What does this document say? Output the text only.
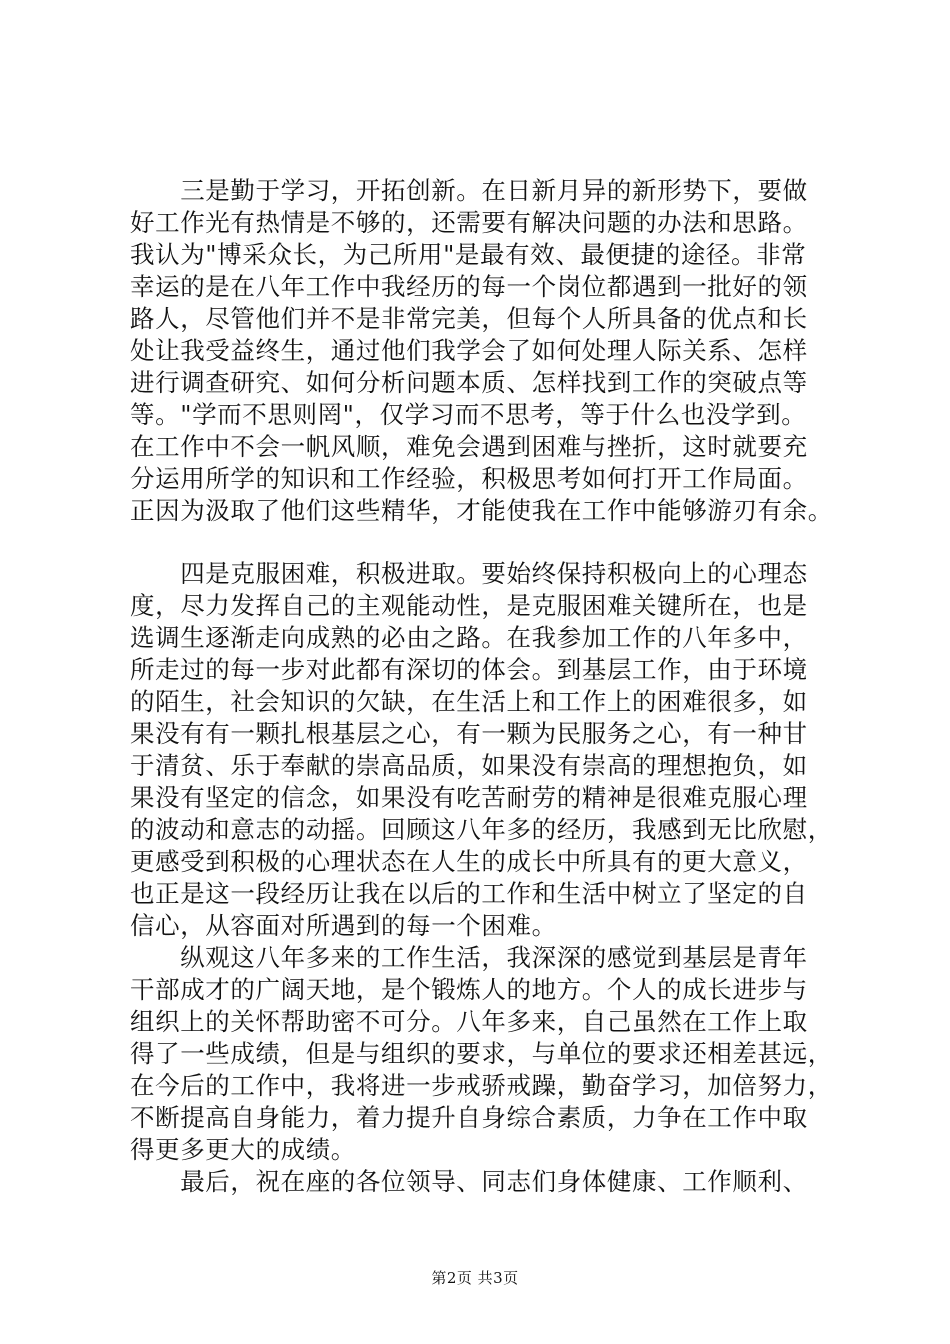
　　三是勤于学习，开拓创新。在日新月异的新形势下，要做
好工作光有热情是不够的，还需要有解决问题的办法和思路。
我认为"博采众长，为己所用"是最有效、最便捷的途径。非常
幸运的是在八年工作中我经历的每一个岗位都遇到一批好的领
路人，尽管他们并不是非常完美，但每个人所具备的优点和长
处让我受益终生，通过他们我学会了如何处理人际关系、怎样
进行调查研究、如何分析问题本质、怎样找到工作的突破点等
等。"学而不思则罔"，仅学习而不思考，等于什么也没学到。
在工作中不会一帆风顺，难免会遇到困难与挫折，这时就要充
分运用所学的知识和工作经验，积极思考如何打开工作局面。
正因为汲取了他们这些精华，才能使我在工作中能够游刃有余。
　　四是克服困难，积极进取。要始终保持积极向上的心理态
度，尽力发挥自己的主观能动性，是克服困难关键所在，也是
选调生逐渐走向成熟的必由之路。在我参加工作的八年多中，
所走过的每一步对此都有深切的体会。到基层工作，由于环境
的陌生，社会知识的欠缺，在生活上和工作上的困难很多，如
果没有有一颗扎根基层之心，有一颗为民服务之心，有一种甘
于清贫、乐于奉献的崇高品质，如果没有崇高的理想抱负，如
果没有坚定的信念，如果没有吃苦耐劳的精神是很难克服心理
的波动和意志的动摇。回顾这八年多的经历，我感到无比欣慰，
更感受到积极的心理状态在人生的成长中所具有的更大意义，
也正是这一段经历让我在以后的工作和生活中树立了坚定的自
信心，从容面对所遇到的每一个困难。
　　纵观这八年多来的工作生活，我深深的感觉到基层是青年
干部成才的广阔天地，是个锻炼人的地方。个人的成长进步与
组织上的关怀帮助密不可分。八年多来，自己虽然在工作上取
得了一些成绩，但是与组织的要求，与单位的要求还相差甚远，
在今后的工作中，我将进一步戒骄戒躁，勤奋学习，加倍努力，
不断提高自身能力，着力提升自身综合素质，力争在工作中取
得更多更大的成绩。
　　最后，祝在座的各位领导、同志们身体健康、工作顺利、
第2页 共3页
